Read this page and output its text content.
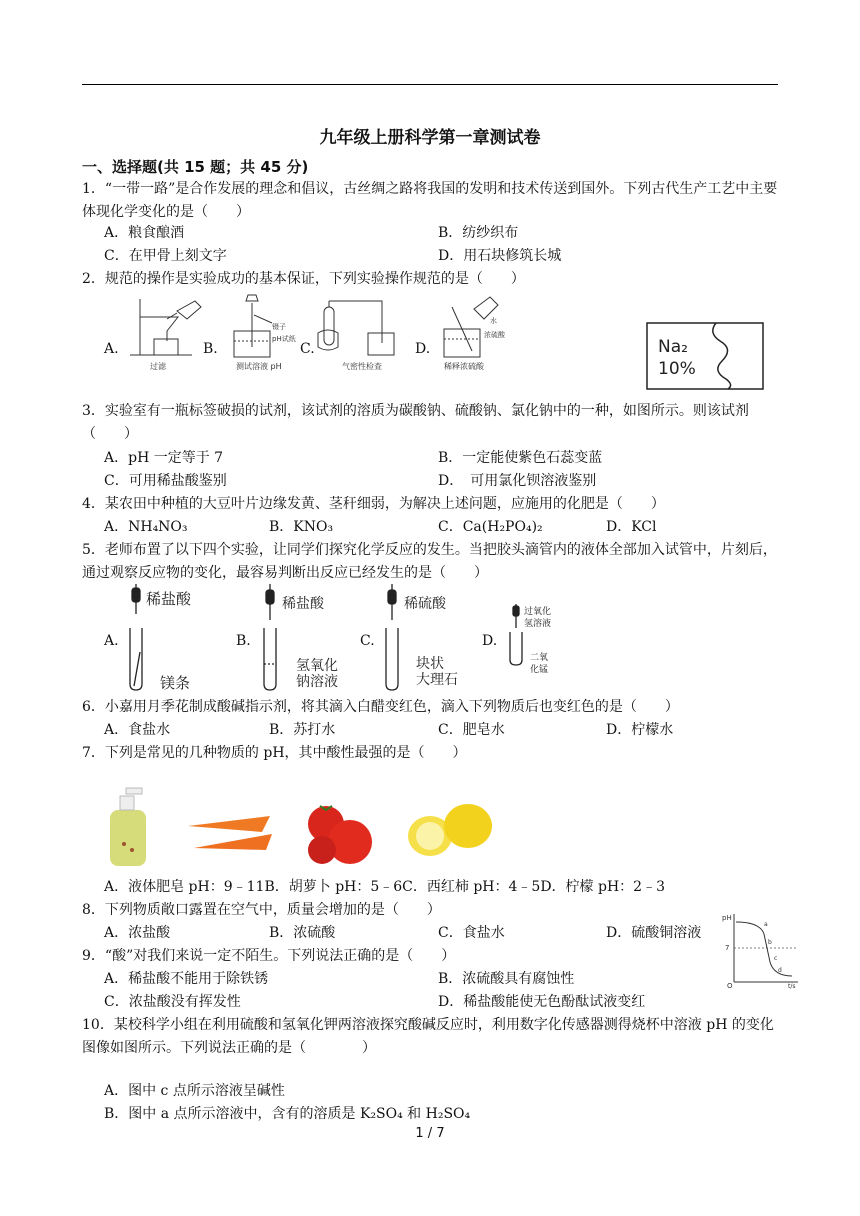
九年级上册科学第一章测试卷
一、选择题(共 15 题；共 45 分)
1．“一带一路”是合作发展的理念和倡议，古丝绸之路将我国的发明和技术传送到国外。下列古代生产工艺中主要体现化学变化的是（　　）
A．粮食酿酒	B．纺纱织布
C．在甲骨上刻文字	D．用石块修筑长城
2．规范的操作是实验成功的基本保证，下列实验操作规范的是（　　）
A.	B.	C.	D.
过滤
镊子
pH试纸
测试溶液 pH	气密性检查
水
浓硫酸
稀释浓硫酸
Na₂
10%
3．实验室有一瓶标签破损的试剂，该试剂的溶质为碳酸钠、硫酸钠、氯化钠中的一种，如图所示。则该试剂（　　）
A．pH 一定等于 7	B．一定能使紫色石蕊变蓝
C．可用稀盐酸鉴别	D．　可用氯化钡溶液鉴别
4．某农田中种植的大豆叶片边缘发黄、茎秆细弱，为解决上述问题，应施用的化肥是（　　）
A．NH₄NO₃	B．KNO₃	C．Ca(H₂PO₄)₂	D．KCl
5．老师布置了以下四个实验，让同学们探究化学反应的发生。当把胶头滴管内的液体全部加入试管中，片刻后，通过观察反应物的变化，最容易判断出反应已经发生的是（　　）
A.	B.	C.	D.
稀盐酸
镁条
稀盐酸
氢氧化
钠溶液
稀硫酸
块状
大理石
过氧化
氢溶液
二氧
化锰
6．小嘉用月季花制成酸碱指示剂，将其滴入白醋变红色，滴入下列物质后也变红色的是（　　）
A．食盐水	B．苏打水	C．肥皂水	D．柠檬水
7．下列是常见的几种物质的 pH，其中酸性最强的是（　　）
A．液体肥皂 pH：9﹣11B．胡萝卜 pH：5﹣6C．西红柿 pH：4﹣5D．柠檬 pH：2﹣3
8．下列物质敞口露置在空气中，质量会增加的是（　　）
A．浓盐酸	B．浓硫酸	C．食盐水	D．硫酸铜溶液
pH
7
O	t/s
a
b
c
d
9．“酸”对我们来说一定不陌生。下列说法正确的是（　　）
A．稀盐酸不能用于除铁锈	B．浓硫酸具有腐蚀性
C．浓盐酸没有挥发性	D．稀盐酸能使无色酚酞试液变红
10．某校科学小组在利用硫酸和氢氧化钾两溶液探究酸碱反应时，利用数字化传感器测得烧杯中溶液 pH 的变化图像如图所示。下列说法正确的是（　　　　）
A．图中 c 点所示溶液呈碱性
B．图中 a 点所示溶液中，含有的溶质是 K₂SO₄ 和 H₂SO₄
1 / 7
